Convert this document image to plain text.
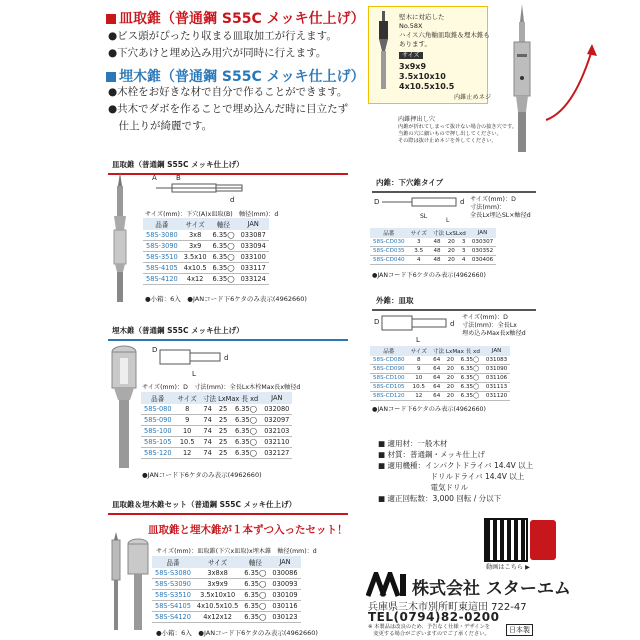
皿取錐（普通鋼 S55C メッキ仕上げ）
●ビス頭がぴったり収まる皿取加工が行えます。
●下穴あけと埋め込み用穴が同時に行えます。
埋木錐（普通鋼 S55C メッキ仕上げ）
●木栓をお好きな材で自分で作ることができます。
●共木でダボを作ることで埋め込んだ時に目立たず
　仕上りが綺麗です。
堅木に対応した
No.58X
ハイス六角軸皿取錐＆埋木錐も
あります。
サイズ
3x9x9
3.5x10x10
4x10.5x10.5
内錐止めネジ
内錐押出し穴
内錐が折れてしまって抜けない場合の抜き穴です。
当錐の穴に細いもので押し出してください。
その際は抜け止めネジを外してください。
皿取錐（普通鋼 S55C メッキ仕上げ）
A	B
d
サイズ(mm)：下穴(A)x皿取(B)　軸径(mm)：d
品番	サイズ	軸径	JAN
58S-3080	3x8	6.35◯	033087
58S-3090	3x9	6.35◯	033094
58S-3510	3.5x10	6.35◯	033100
58S-4105	4x10.5	6.35◯	033117
58S-4120	4x12	6.35◯	033124
●小箱：6入　●JANコード下6ケタのみ表示(4962660)
埋木錐（普通鋼 S55C メッキ仕上げ）
D
d
L
サイズ(mm)：D　寸法(mm)：全長Lx木栓Max長x軸径d
品番	サイズ	寸法 LxMax 長 xd			JAN
58S-080	8	74	25	6.35◯	032080
58S-090	9	74	25	6.35◯	032097
58S-100	10	74	25	6.35◯	032103
58S-105	10.5	74	25	6.35◯	032110
58S-120	12	74	25	6.35◯	032127
●JANコード下6ケタのみ表示(4962660)
内錐：下穴錐タイプ
D
SL
L
d サイズ(mm)：D
寸法(mm)：
全長Lx埋込SL×軸径d
品番	サイズ	寸法 LxSLxd			JAN
58S-CD030	3	48	20	3	030307
58S-CD035	3.5	48	20	3	030352
58S-CD040	4	48	20	4	030406
●JANコード下6ケタのみ表示(4962660)
外錐：皿取
D	d
L
サイズ(mm)：D
寸法(mm)：全長Lx
埋め込みMax長x軸径d
品番	サイズ	寸法 LxMax 長 xd			JAN
58S-CD080	8	64	20	6.35◯	031083
58S-CD090	9	64	20	6.35◯	031090
58S-CD100	10	64	20	6.35◯	031106
58S-CD105	10.5	64	20	6.35◯	031113
58S-CD120	12	64	20	6.35◯	031120
●JANコード下6ケタのみ表示(4962660)
■ 適用材：一般木材
■ 材質：普通鋼・メッキ仕上げ
■ 適用機種：インパクトドライバ 14.4V 以上
　　　　　　　ドリルドライバ 14.4V 以上
　　　　　　　電気ドリル
■ 適正回転数：3,000 回転 / 分以下
皿取錐＆埋木錐セット（普通鋼 S55C メッキ仕上げ）
皿取錐と埋木錐が１本ずつ入ったセット！
サイズ(mm)：皿取錐(下穴x皿取)x埋木錐　軸径(mm)：d
品番	サイズ	軸径	JAN
58S-S3080	3x8x8	6.35◯	030086
58S-S3090	3x9x9	6.35◯	030093
58S-S3510	3.5x10x10	6.35◯	030109
58S-S4105	4x10.5x10.5	6.35◯	030116
58S-S4120	4x12x12	6.35◯	030123
●小箱：6入　●JANコード下6ケタのみ表示(4962660)
動画はこちら ▶
株式会社 スターエム
兵庫県三木市別所町東這田 722-47
TEL(0794)82-0200
※ 本製品は改良のため、予告なく仕様・デザインを
　変更する場合がございますのでご了承ください。	日本製
